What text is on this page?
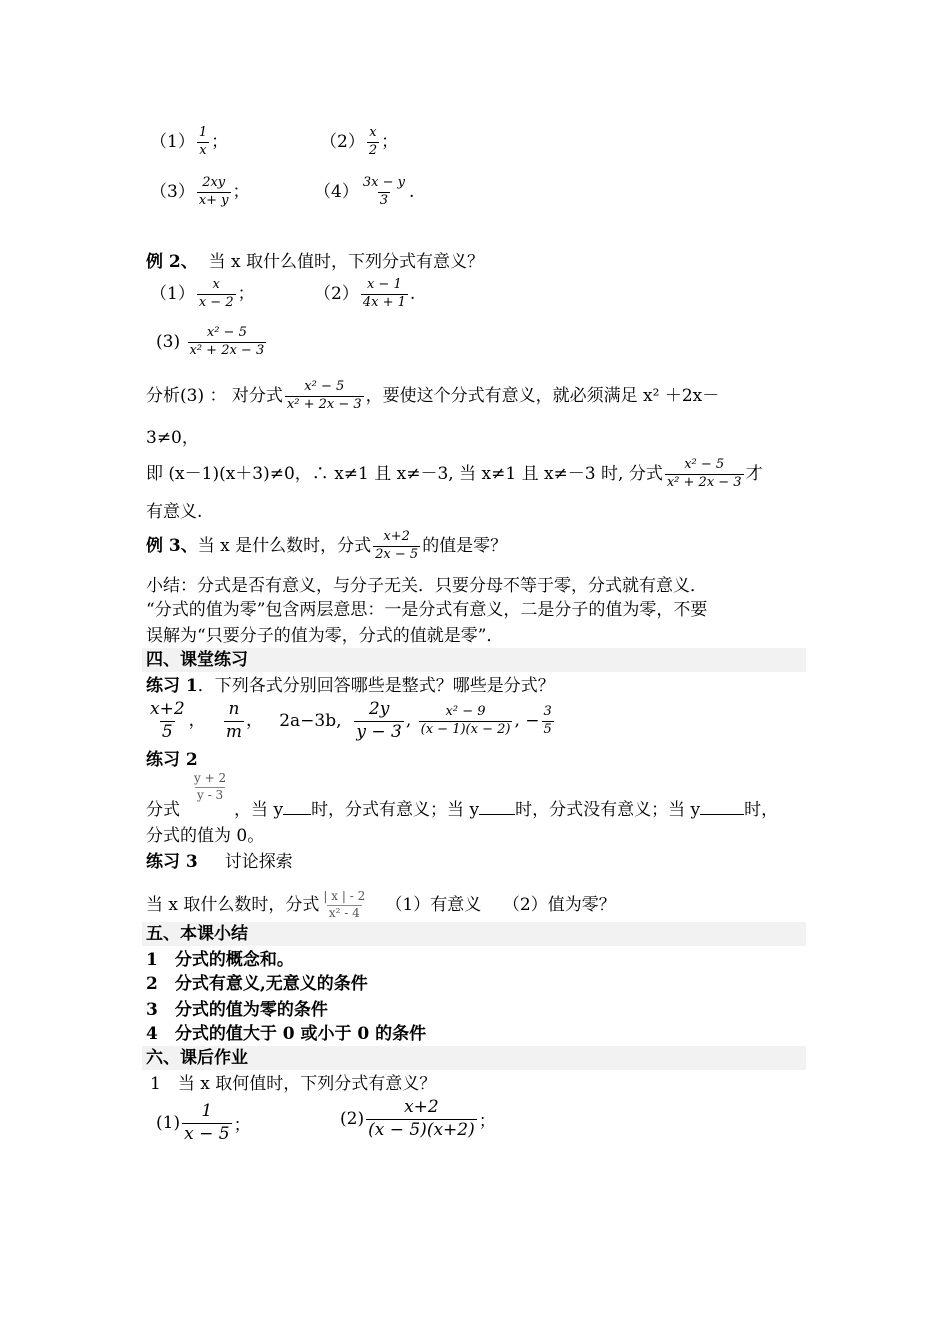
$(1) \frac{1}{x}$ ；	$(2) \frac{x}{2}$ ；
$(3) \frac{2xy}{x+ y}$ ；	$(4) \frac{3x - y}{3}$ .
例 2、 当 x 取什么值时，下列分式有意义？
$(1) \frac{x}{x - 2}$ ；	$(2) \frac{x - 1}{4x + 1}$ .
$(3) \frac{\text{x² − 5}}{\text{x² + 2x − 3}}$
分析(3) ： 对分式 $\frac{\text{x² − 5}}{\text{x² + 2x − 3}}$ ，要使这个分式有意义，就必须满足 x² ＋2x－
3≠0，
即 (x－1)(x＋3)≠0，∴ x≠1 且 x≠－3, 当 x≠1 且 x≠－3 时, 分式 $\frac{\text{x² − 5}}{\text{x² + 2x − 3}}$ 才
有意义.
例 3、当 x 是什么数时，分式 $\frac{x+2}{2x - 5}$ 的值是零？
小结：分式是否有意义，与分子无关．只要分母不等于零，分式就有意义．
“分式的值为零”包含两层意思：一是分式有意义，二是分子的值为零，不要
误解为“只要分子的值为零，分式的值就是零”．
四、课堂练习
练习 1．下列各式分别回答哪些是整式？哪些是分式？
$\frac{x+2}{5}$ ， $\frac{n}{m}$ ，   2a−3b, $\frac{2y}{y - 3}$ , $\frac{\text{x² − 9}}{(x - 1)(x - 2)}$ , − $\frac{3}{5}$
练习 2
$\frac{y + 2}{y - 3}$
分式	，当 y 时，分式有意义；当 y 时，分式没有意义；当 y	时，
分式的值为 0。
练习 3 讨论探索
当 x 取什么数时，分式 $\frac{| x | - 2}{\text{x² - 4}} (1)$有意义 （2）值为零？
五、本课小结
1　分式的概念和。
2　分式有意义,无意义的条件
3　分式的值为零的条件
4　分式的值大于 0 或小于 0 的条件
六、课后作业
1　当 x 取何值时，下列分式有意义？
$(1) \frac{1}{x - 5}$ ；	$(2) \frac{x+2}{(x - 5)(x+2)}$ ；
